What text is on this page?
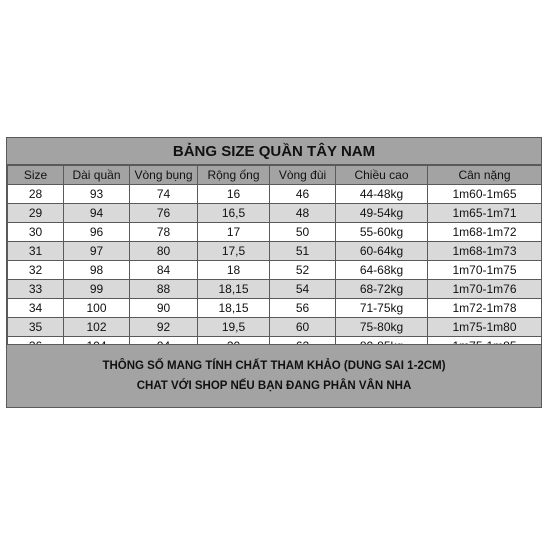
BẢNG SIZE QUẦN TÂY NAM
Size	Dài quần	Vòng bụng	Rộng ống	Vòng đùi	Chiều cao	Cân nặng
28	93	74	16	46	44-48kg	1m60-1m65
29	94	76	16,5	48	49-54kg	1m65-1m71
30	96	78	17	50	55-60kg	1m68-1m72
31	97	80	17,5	51	60-64kg	1m68-1m73
32	98	84	18	52	64-68kg	1m70-1m75
33	99	88	18,15	54	68-72kg	1m70-1m76
34	100	90	18,15	56	71-75kg	1m72-1m78
35	102	92	19,5	60	75-80kg	1m75-1m80

THÔNG SỐ MANG TÍNH CHẤT THAM KHẢO (DUNG SAI 1-2CM)
CHAT VỚI SHOP NẾU BẠN ĐANG PHÂN VÂN NHA
